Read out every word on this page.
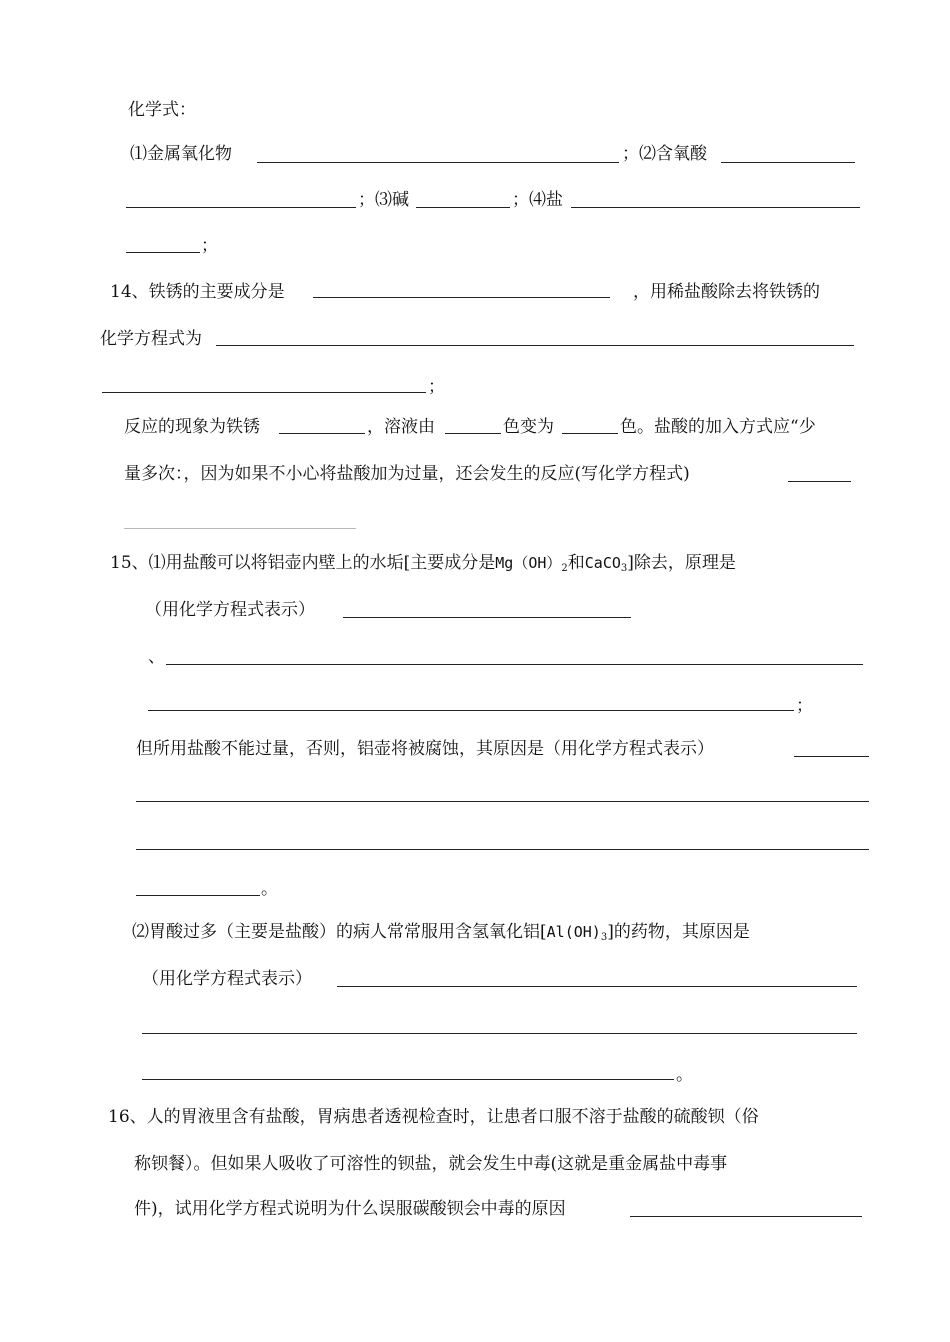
化学式：
⑴金属氧化物	；⑵含氧酸
；⑶碱	；⑷盐
；
14、铁锈的主要成分是	，用稀盐酸除去将铁锈的
化学方程式为
；
反应的现象为铁锈	，溶液由	色变为	色。盐酸的加入方式应“少
量多次：，因为如果不小心将盐酸加为过量，还会发生的反应(写化学方程式)
15、⑴用盐酸可以将铝壶内壁上的水垢[主要成分是$Mg(OH)_2$和CaCO$_3$]除去，原理是
（用化学方程式表示）
、
；
但所用盐酸不能过量，否则，铝壶将被腐蚀，其原因是（用化学方程式表示）
。
⑵胃酸过多（主要是盐酸）的病人常常服用含氢氧化铝$[Al(OH)_3]$的药物，其原因是
（用化学方程式表示）
。
16、人的胃液里含有盐酸，胃病患者透视检查时，让患者口服不溶于盐酸的硫酸钡（俗
称钡餐）。但如果人吸收了可溶性的钡盐，就会发生中毒(这就是重金属盐中毒事
件)，试用化学方程式说明为什么误服碳酸钡会中毒的原因
